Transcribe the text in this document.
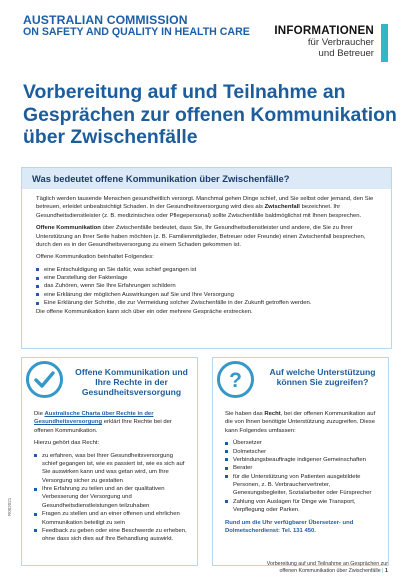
AUSTRALIAN COMMISSION
ON SAFETY AND QUALITY IN HEALTH CARE INFORMATIONEN
für Verbraucher
und Betreuer
Vorbereitung auf und Teilnahme an Gesprächen zur offenen Kommunikation über Zwischenfälle
Was bedeutet offene Kommunikation über Zwischenfälle?

Täglich werden tausende Menschen gesundheitlich versorgt. Manchmal gehen Dinge schief, und Sie selbst oder jemand, den Sie betreuen, erleidet unbeabsichtigt Schaden. In der Gesundheitsversorgung wird dies als Zwischenfall bezeichnet. Ihr Gesundheitsdienstleister (z. B. medizinisches oder Pflegepersonal) sollte Zwischenfälle baldmöglichst mit Ihnen besprechen.

Offene Kommunikation über Zwischenfälle bedeutet, dass Sie, Ihr Gesundheitsdienstleister und andere, die Sie zu Ihrer Unterstützung an Ihrer Seite haben möchten (z. B. Familienmitglieder, Betreuer oder Freunde) einen Zwischenfall besprechen, durch den es in der Gesundheitsversorgung zu einem Schaden gekommen ist.

Offene Kommunikation beinhaltet Folgendes:

eine Entschuldigung an Sie dafür, was schief gegangen ist
eine Darstellung der Faktenlage
das Zuhören, wenn Sie Ihre Erfahrungen schildern
eine Erklärung der möglichen Auswirkungen auf Sie und Ihre Versorgung
Eine Erklärung der Schritte, die zur Vermeidung solcher Zwischenfälle in der Zukunft getroffen werden.

Die offene Kommunikation kann sich über ein oder mehrere Gespräche erstrecken.

Offene Kommunikation und Ihre Rechte in der Gesundheitsversorgung

Die Australische Charta über Rechte in der Gesundheitsversorgung erklärt Ihre Rechte bei der offenen Kommunikation.

Hierzu gehört das Recht:

zu erfahren, was bei Ihrer Gesundheitsversorgung schief gegangen ist, wie es passiert ist, wie es sich auf Sie auswirken kann und was getan wird, um Ihre Versorgung sicher zu gestalten
Ihre Erfahrung zu teilen und an der qualitativen Verbesserung der Versorgung und Gesundheitsdienstleistungen teilzuhaben
Fragen zu stellen und an einer offenen und ehrlichen Kommunikation beteiligt zu sein
Feedback zu geben oder eine Beschwerde zu erheben, ohne dass sich dies auf Ihre Behandlung auswirkt.
?	Auf welche Unterstützung können Sie zugreifen?

Sie haben das Recht, bei der offenen Kommunikation auf die von Ihnen benötigte Unterstützung zuzugreifen. Diese kann Folgendes umfassen:

Übersetzer
Dolmetscher
Verbindungsbeauftragte indigener Gemeinschaften
Berater
für die Unterstützung von Patienten ausgebildete Personen, z. B. Verbrauchervertreter, Genesungsbegleiter, Sozialarbeiter oder Fürsprecher
Zahlung von Auslagen für Dinge wie Transport, Verpflegung oder Parken.

Rund um die Uhr verfügbarer Übersetzer- und Dolmetscherdienst: Tel. 131 450.

R002021
Vorbereitung auf und Teilnahme an Gesprächen zur
offenen Kommunikation über Zwischenfälle | 1
